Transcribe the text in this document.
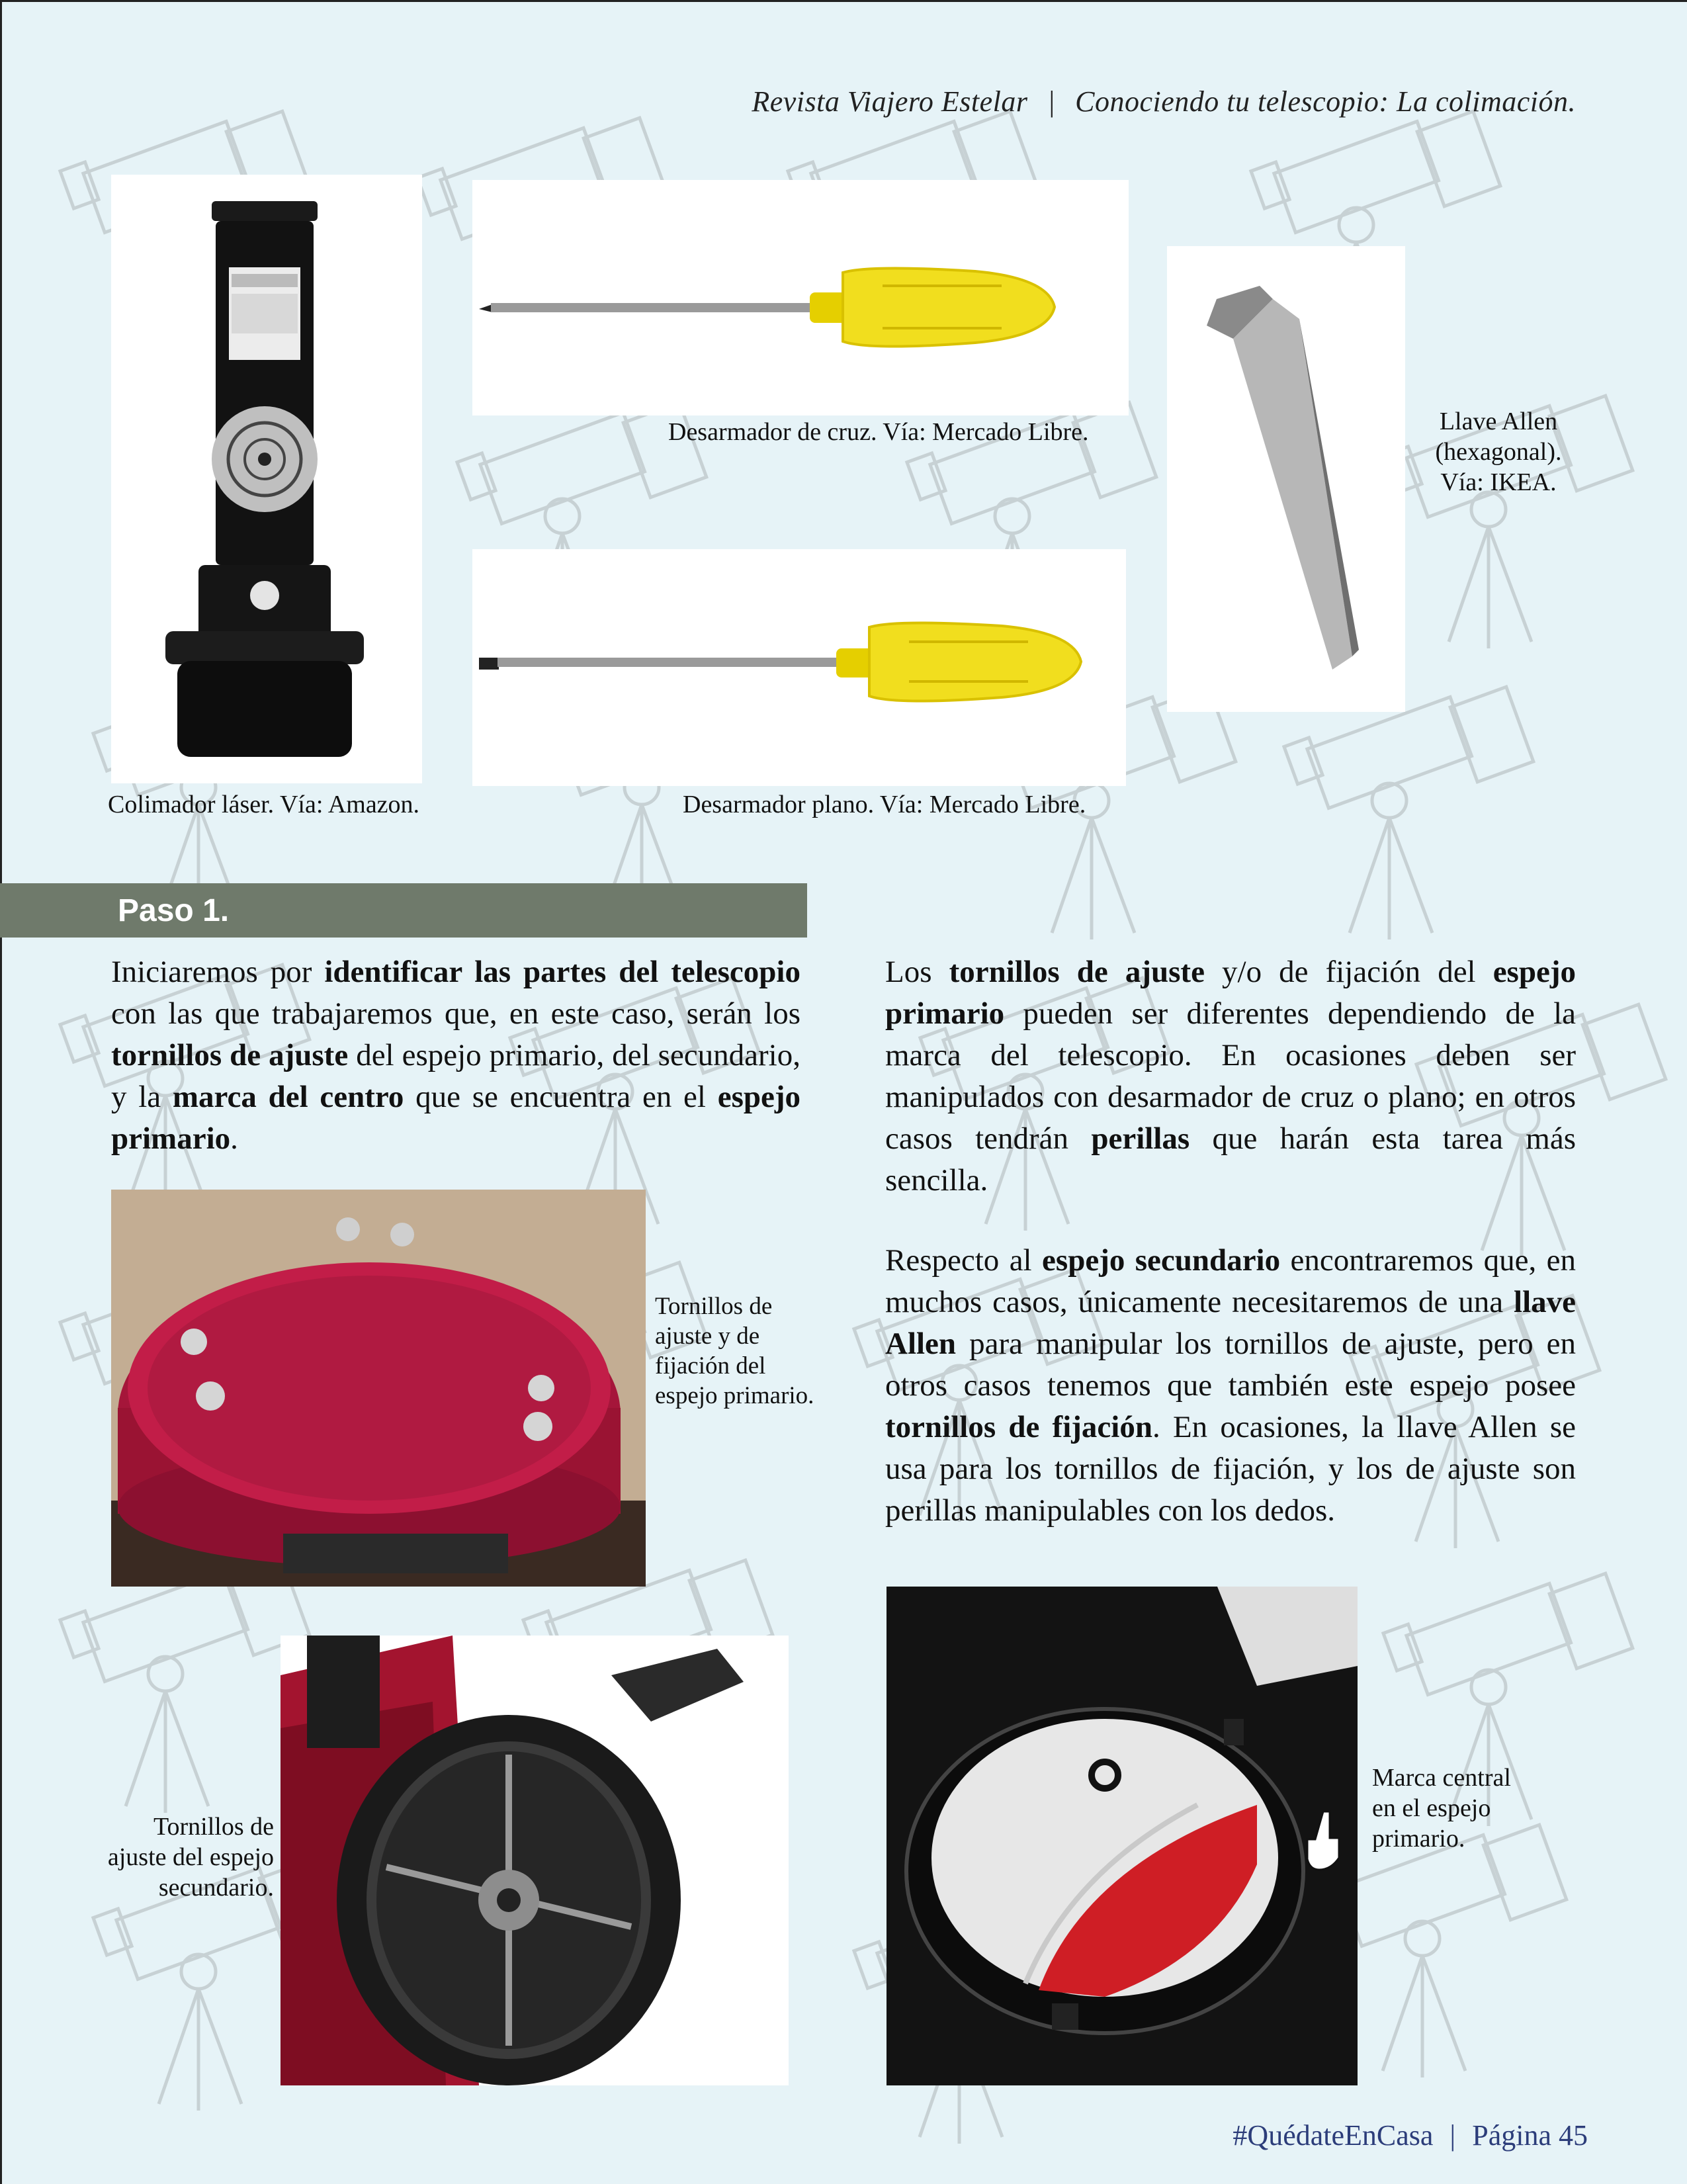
Revista Viajero Estelar | Conociendo tu telescopio: La colimación.
Colimador láser. Vía: Amazon.
Desarmador de cruz. Vía: Mercado Libre.
Desarmador plano. Vía: Mercado Libre.
Llave Allen
(hexagonal).
Vía: IKEA.
Paso 1.
Iniciaremos por identificar las partes del telescopio con las que trabajaremos que, en este caso, serán los tornillos de ajuste del espejo primario, del secundario, y la marca del centro que se encuentra en el espejo primario.
Los tornillos de ajuste y/o de fijación del espejo primario pueden ser diferentes dependiendo de la marca del telescopio. En ocasiones deben ser manipulados con desarmador de cruz o plano; en otros casos tendrán perillas que harán esta tarea más sencilla.
Respecto al espejo secundario encontraremos que, en muchos casos, únicamente necesitaremos de una llave Allen para manipular los tornillos de ajuste, pero en otros casos tenemos que también este espejo posee tornillos de fijación. En ocasiones, la llave Allen se usa para los tornillos de fijación, y los de ajuste son perillas manipulables con los dedos.
Tornillos de
ajuste y de
fijación del
espejo primario.
Tornillos de
ajuste del espejo
secundario.
Marca central
en el espejo
primario.
#QuédateEnCasa | Página 45
